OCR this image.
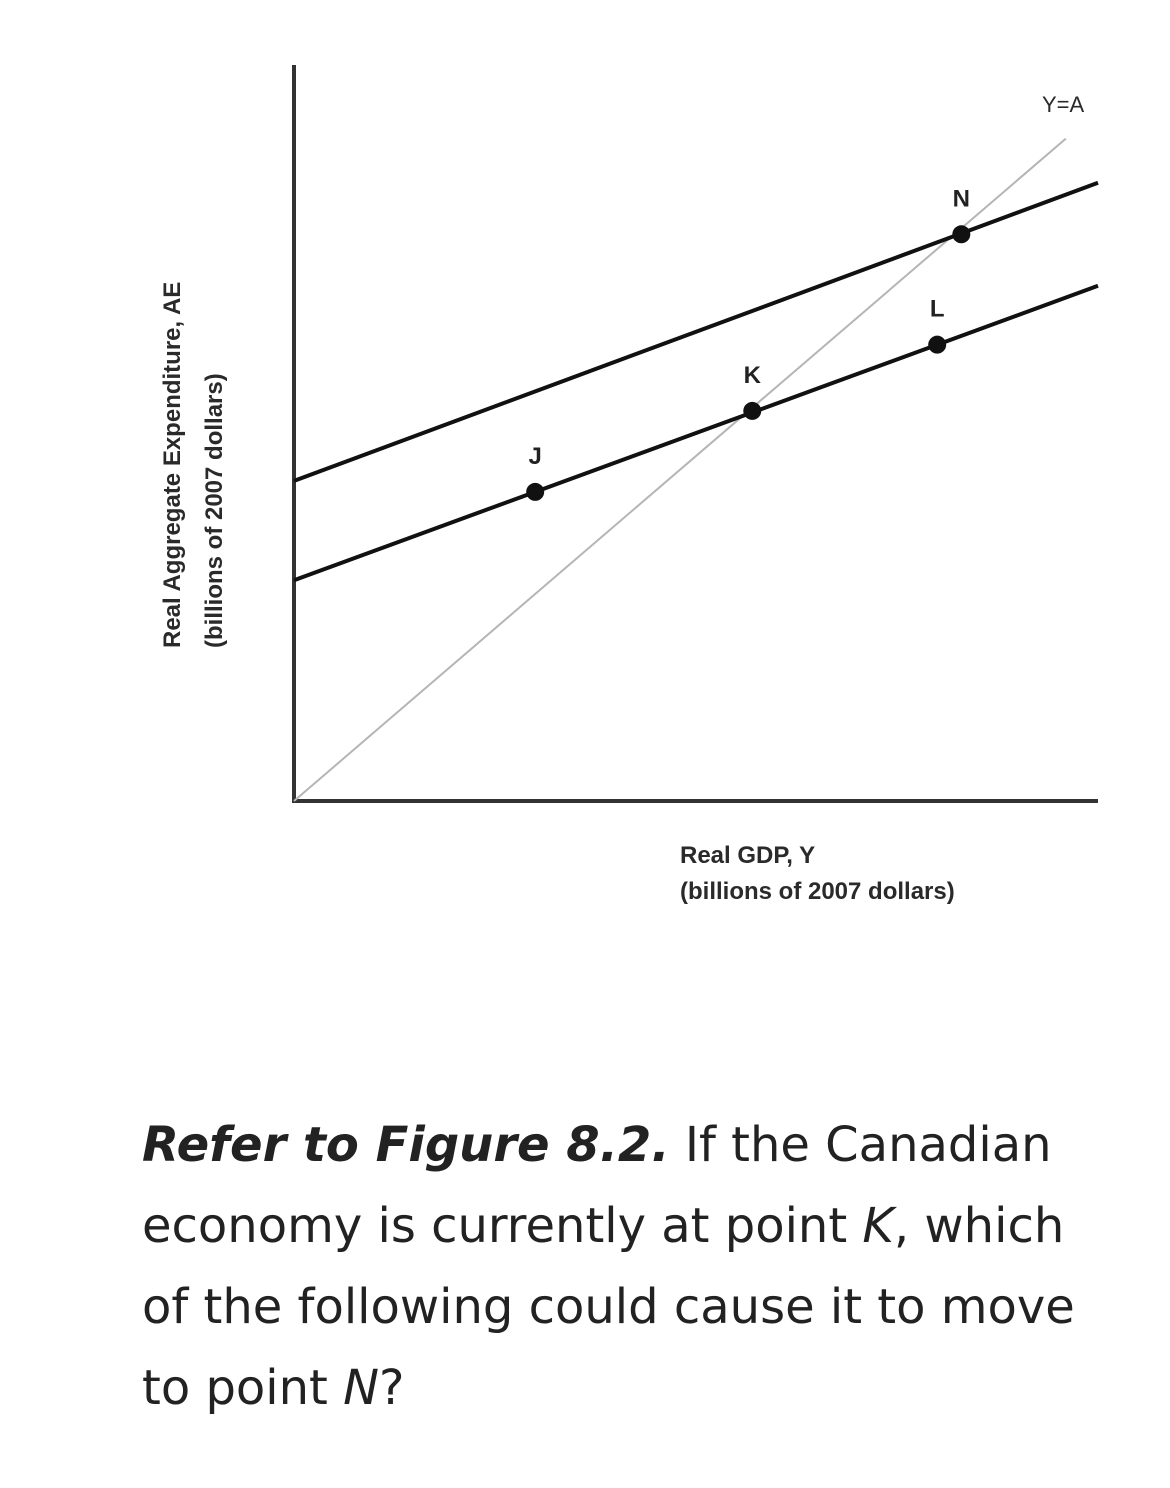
J
K
L
N
Y=A
Real GDP, Y
(billions of 2007 dollars)
Real Aggregate Expenditure, AE (billions of 2007 dollars)

Refer to Figure 8.2. If the Canadian economy is currently at point K, which of the following could cause it to move to point N?
